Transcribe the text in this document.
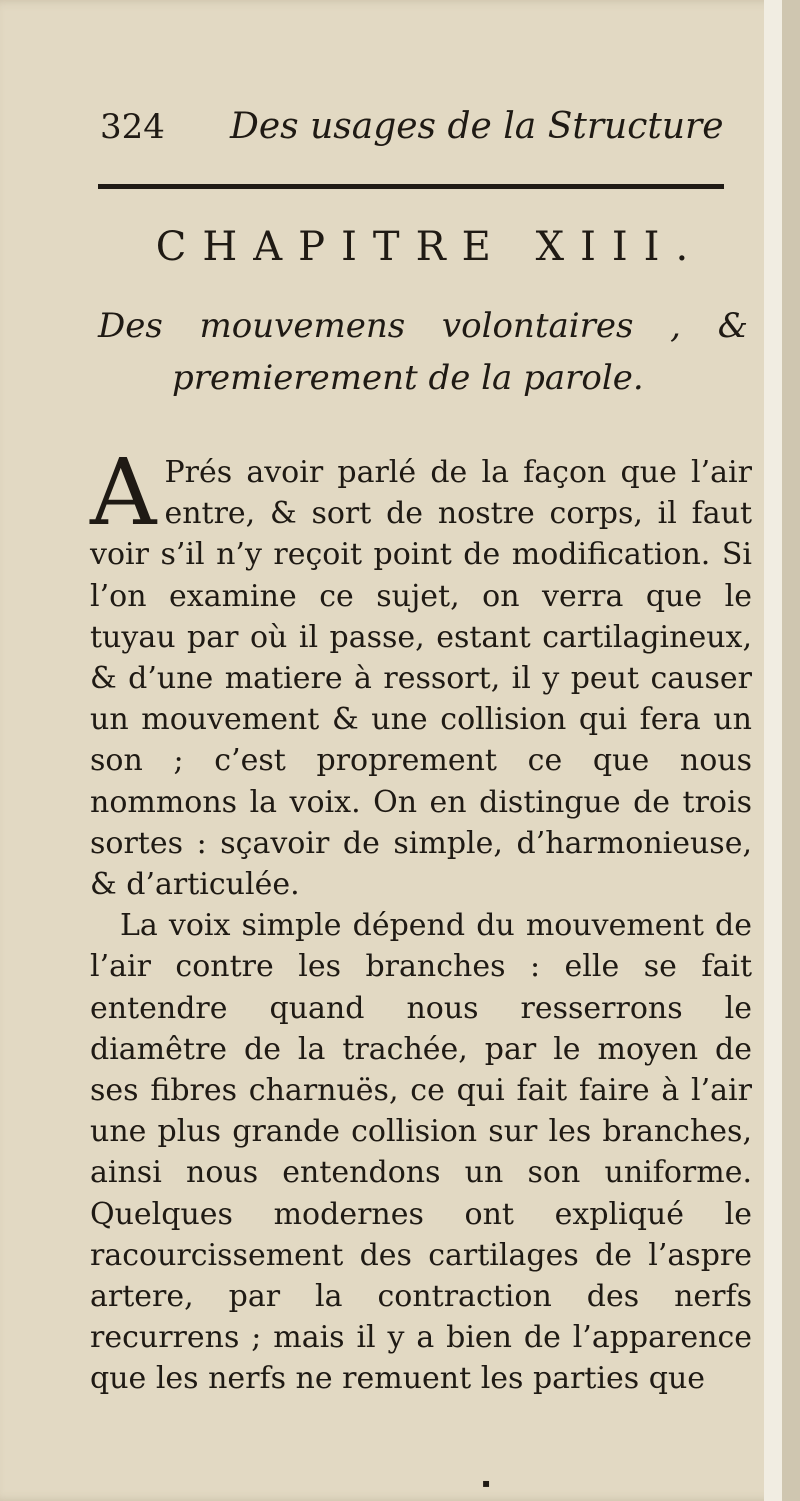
324 Des usages de la Structure
CHAPITRE XIII.
Des mouvemens volontaires , &
premierement de la parole.

A Prés avoir parlé de la façon que l’air entre, & sort de nostre corps, il faut voir s’il n’y reçoit point de modification. Si l’on examine ce sujet, on verra que le tuyau par où il passe, estant cartilagineux, & d’une matiere à ressort, il y peut causer un mouvement & une collision qui fera un son ; c’est proprement ce que nous nommons la voix. On en distingue de trois sortes : sçavoir de simple, d’harmonieuse, & d’articulée.

La voix simple dépend du mouvement de l’air contre les branches : elle se fait entendre quand nous resserrons le diamêtre de la trachée, par le moyen de ses fibres charnuës, ce qui fait faire à l’air une plus grande collision sur les branches, ainsi nous entendons un son uniforme. Quelques modernes ont expliqué le racourcissement des cartilages de l’aspre artere, par la contraction des nerfs recurrens ; mais il y a bien de l’apparence que les nerfs ne remuent les parties que

▪
